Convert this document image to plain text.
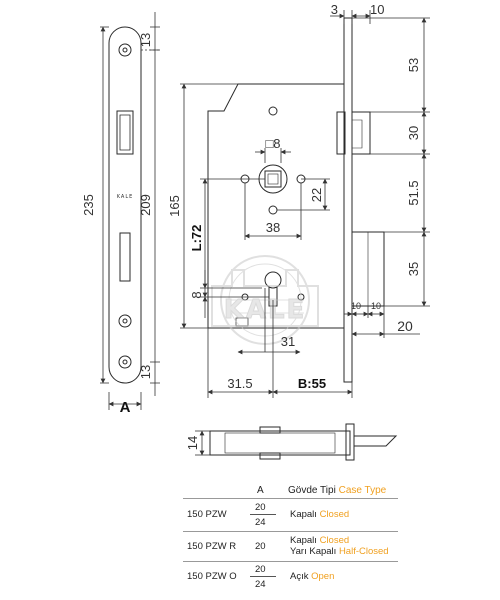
KALE
235	209
13
13
A
KALE
3 10
53
30
51.5
35
165
L:72
8
□8
22
38
31
10 10
20
31.5	B:55
14
A Gövde Tipi Case Type
150 PZW
20
24
Kapalı Closed
150 PZW R 20
Kapalı Closed
Yarı Kapalı Half-Closed
150 PZW O
20
24
Açık Open
